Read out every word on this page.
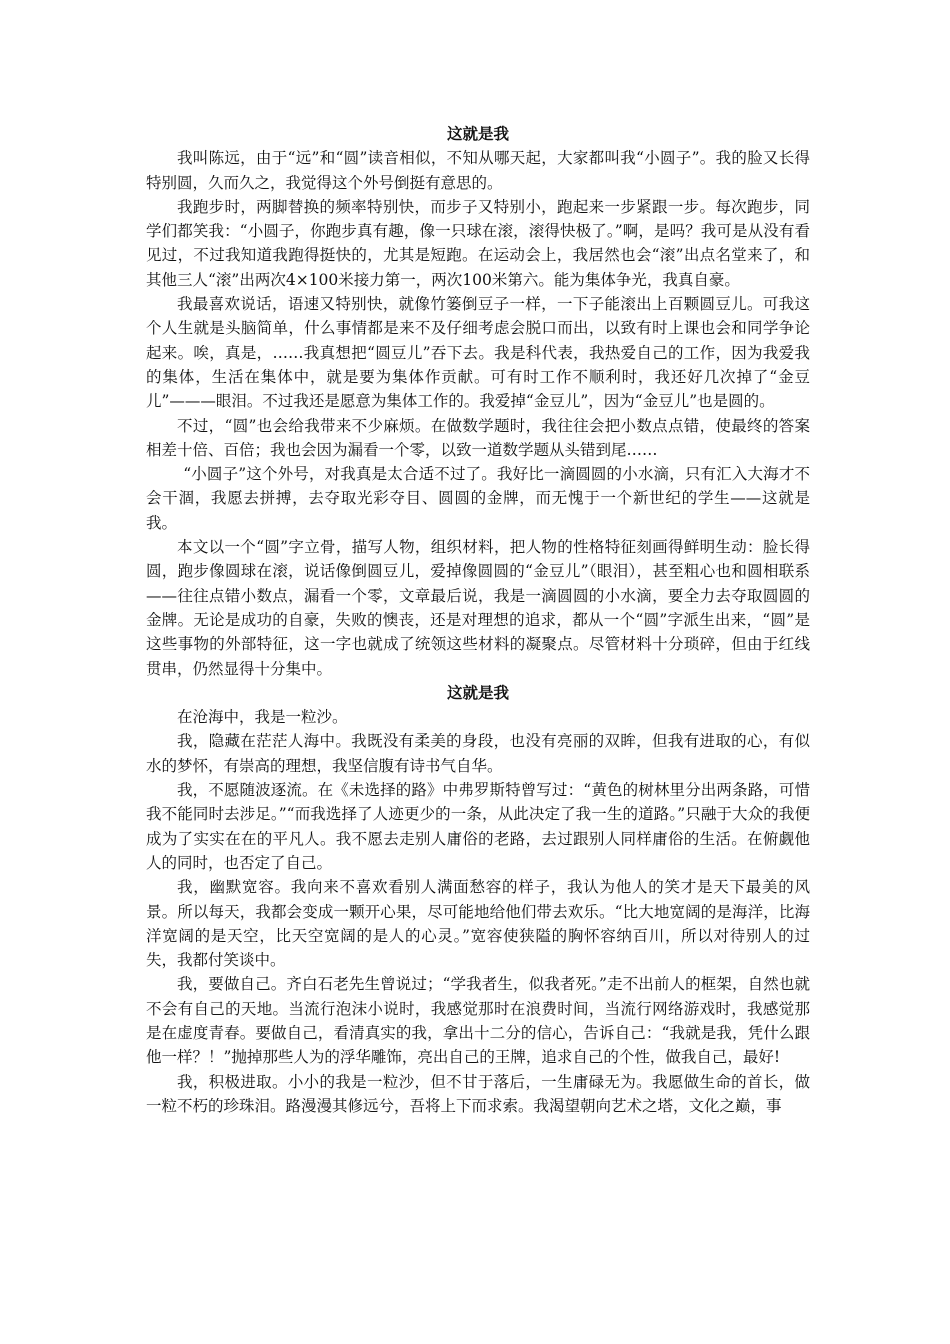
这就是我

我叫陈远，由于“远”和“圆”读音相似，不知从哪天起，大家都叫我“小圆子”。我的脸又长得特别圆，久而久之，我觉得这个外号倒挺有意思的。

我跑步时，两脚替换的频率特别快，而步子又特别小，跑起来一步紧跟一步。每次跑步，同学们都笑我：“小圆子，你跑步真有趣，像一只球在滚，滚得快极了。”啊，是吗？我可是从没有看见过，不过我知道我跑得挺快的，尤其是短跑。在运动会上，我居然也会“滚”出点名堂来了，和其他三人“滚”出两次4×100米接力第一，两次100米第六。能为集体争光，我真自豪。

我最喜欢说话，语速又特别快，就像竹篓倒豆子一样，一下子能滚出上百颗圆豆儿。可我这个人生就是头脑简单，什么事情都是来不及仔细考虑会脱口而出，以致有时上课也会和同学争论起来。唉，真是，……我真想把“圆豆儿”吞下去。我是科代表，我热爱自己的工作，因为我爱我的集体，生活在集体中，就是要为集体作贡献。可有时工作不顺利时，我还好几次掉了“金豆儿”———眼泪。不过我还是愿意为集体工作的。我爱掉“金豆儿”，因为“金豆儿”也是圆的。

不过，“圆”也会给我带来不少麻烦。在做数学题时，我往往会把小数点点错，使最终的答案相差十倍、百倍；我也会因为漏看一个零，以致一道数学题从头错到尾……

“小圆子”这个外号，对我真是太合适不过了。我好比一滴圆圆的小水滴，只有汇入大海才不会干涸，我愿去拼搏，去夺取光彩夺目、圆圆的金牌，而无愧于一个新世纪的学生——这就是我。

本文以一个“圆”字立骨，描写人物，组织材料，把人物的性格特征刻画得鲜明生动：脸长得圆，跑步像圆球在滚，说话像倒圆豆儿，爱掉像圆圆的“金豆儿”（眼泪），甚至粗心也和圆相联系——往往点错小数点，漏看一个零，文章最后说，我是一滴圆圆的小水滴，要全力去夺取圆圆的金牌。无论是成功的自豪，失败的懊丧，还是对理想的追求，都从一个“圆”字派生出来，“圆”是这些事物的外部特征，这一字也就成了统领这些材料的凝聚点。尽管材料十分琐碎，但由于红线贯串，仍然显得十分集中。

这就是我

在沧海中，我是一粒沙。

我，隐藏在茫茫人海中。我既没有柔美的身段，也没有亮丽的双眸，但我有进取的心，有似水的梦怀，有崇高的理想，我坚信腹有诗书气自华。

我，不愿随波逐流。在《未选择的路》中弗罗斯特曾写过：“黄色的树林里分出两条路，可惜我不能同时去涉足。”“而我选择了人迹更少的一条，从此决定了我一生的道路。”只融于大众的我便成为了实实在在的平凡人。我不愿去走别人庸俗的老路，去过跟别人同样庸俗的生活。在俯觑他人的同时，也否定了自己。

我，幽默宽容。我向来不喜欢看别人满面愁容的样子，我认为他人的笑才是天下最美的风景。所以每天，我都会变成一颗开心果，尽可能地给他们带去欢乐。“比大地宽阔的是海洋，比海洋宽阔的是天空，比天空宽阔的是人的心灵。”宽容使狭隘的胸怀容纳百川，所以对待别人的过失，我都付笑谈中。

我，要做自己。齐白石老先生曾说过；“学我者生，似我者死。”走不出前人的框架，自然也就不会有自己的天地。当流行泡沫小说时，我感觉那时在浪费时间，当流行网络游戏时，我感觉那是在虚度青春。要做自己，看清真实的我，拿出十二分的信心，告诉自己：“我就是我，凭什么跟他一样？！”抛掉那些人为的浮华雕饰，亮出自己的王牌，追求自己的个性，做我自己，最好!

我，积极进取。小小的我是一粒沙，但不甘于落后，一生庸碌无为。我愿做生命的首长，做一粒不朽的珍珠泪。路漫漫其修远兮，吾将上下而求索。我渴望朝向艺术之塔，文化之巅，事
